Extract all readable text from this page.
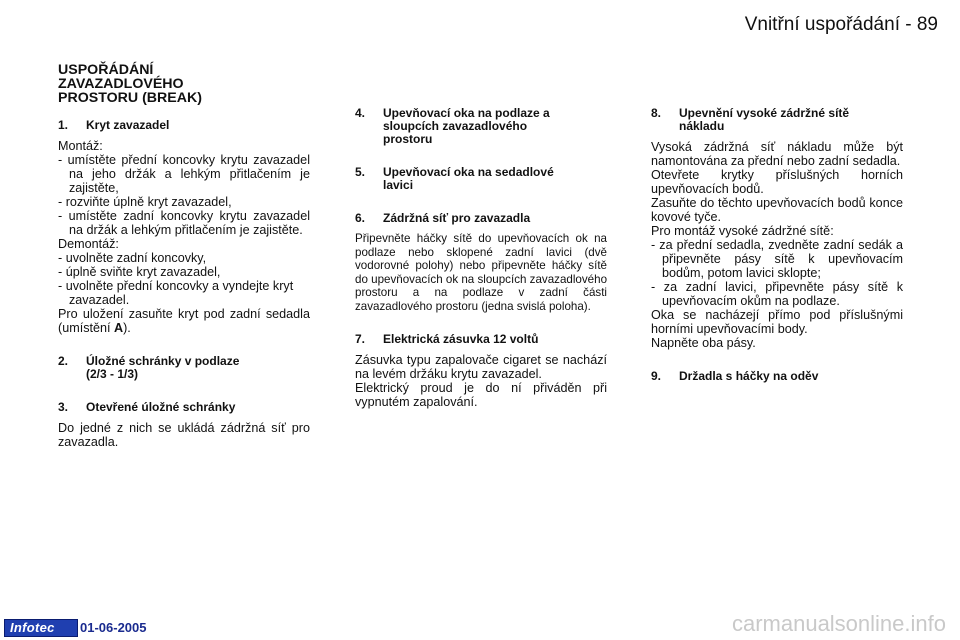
Vnitřní uspořádání - 89

USPOŘÁDÁNÍ
ZAVAZADLOVÉHO
PROSTORU (BREAK)

1.	Kryt zavazadel

Montáž:

- umístěte přední koncovky krytu zavazadel na jeho držák a lehkým přitlačením je zajistěte,

- rozviňte úplně kryt zavazadel,

- umístěte zadní koncovky krytu zavazadel na držák a lehkým přitlačením je zajistěte.

Demontáž:

- uvolněte zadní koncovky,

- úplně sviňte kryt zavazadel,

- uvolněte přední koncovky a vyndejte kryt zavazadel.

Pro uložení zasuňte kryt pod zadní sedadla (umístění A).

2.	Úložné schránky v podlaze
(2/3 - 1/3)
3.	Otevřené úložné schránky

Do jedné z nich se ukládá zádržná síť pro zavazadla.

4.	Upevňovací oka na podlaze a
sloupcích zavazadlového
prostoru
5.	Upevňovací oka na sedadlové
lavici
6.	Zádržná síť pro zavazadla

Připevněte háčky sítě do upevňovacích ok na podlaze nebo sklopené zadní lavici (dvě vodorovné polohy) nebo připevněte háčky sítě do upevňovacích ok na sloupcích zavazadlového prostoru a na podlaze v zadní části zavazadlového prostoru (jedna svislá poloha).

7.	Elektrická zásuvka 12 voltů

Zásuvka typu zapalovače cigaret se nachází na levém držáku krytu zavazadel.

Elektrický proud je do ní přiváděn při vypnutém zapalování.

8.	Upevnění vysoké zádržné sítě
nákladu

Vysoká zádržná síť nákladu může být namontována za přední nebo zadní sedadla.

Otevřete krytky příslušných horních upevňovacích bodů.

Zasuňte do těchto upevňovacích bodů konce kovové tyče.

Pro montáž vysoké zádržné sítě:

- za přední sedadla, zvedněte zadní sedák a připevněte pásy sítě k upevňovacím bodům, potom lavici sklopte;

- za zadní lavici, připevněte pásy sítě k upevňovacím okům na podlaze.

Oka se nacházejí přímo pod příslušnými horními upevňovacími body.

Napněte oba pásy.

9.	Držadla s háčky na oděv
Infotec	01-06-2005	carmanualsonline.info
